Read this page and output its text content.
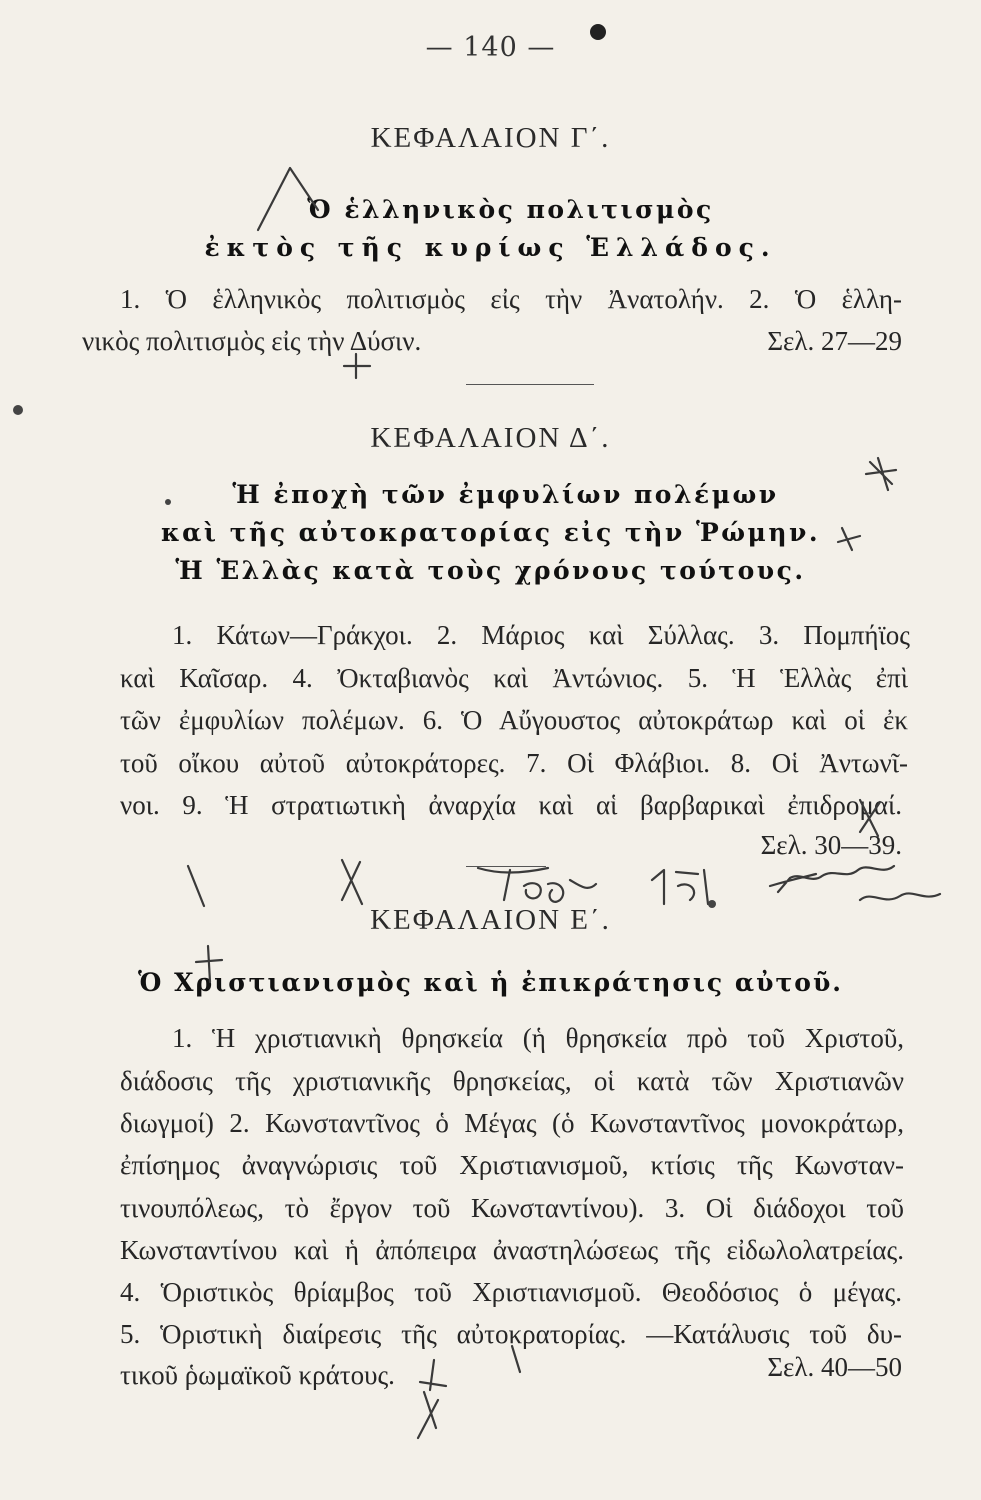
— 140 —
ΚΕΦΑΛΑΙΟΝ Γ΄.
Ὁ ἑλληνικὸς πολιτισμὸς
ἐκτὸς τῆς κυρίως Ἑλλάδος.
1. Ὁ ἑλληνικὸς πολιτισμὸς εἰς τὴν Ἀνατολήν. 2. Ὁ ἑλλη-
νικὸς πολιτισμὸς εἰς τὴν Δύσιν.	Σελ. 27—29
ΚΕΦΑΛΑΙΟΝ Δ΄.
Ἡ ἐποχὴ τῶν ἐμφυλίων πολέμων
καὶ τῆς αὐτοκρατορίας εἰς τὴν Ῥώμην.
Ἡ Ἑλλὰς κατὰ τοὺς χρόνους τούτους.
1. Κάτων—Γράκχοι. 2. Μάριος καὶ Σύλλας. 3. Πομπήϊος
καὶ Καῖσαρ. 4. Ὀκταβιανὸς καὶ Ἀντώνιος. 5. Ἡ Ἑλλὰς ἐπὶ
τῶν ἐμφυλίων πολέμων. 6. Ὁ Αὔγουστος αὐτοκράτωρ καὶ οἱ ἐκ
τοῦ οἴκου αὐτοῦ αὐτοκράτορες. 7. Οἱ Φλάβιοι. 8. Οἱ Ἀντωνῖ-
νοι. 9. Ἡ στρατιωτικὴ ἀναρχία καὶ αἱ βαρβαρικαὶ ἐπιδρομαί.
Σελ. 30—39.
ΚΕΦΑΛΑΙΟΝ Ε΄.
Ὁ Χριστιανισμὸς καὶ ἡ ἐπικράτησις αὐτοῦ.
1. Ἡ χριστιανικὴ θρησκεία (ἡ θρησκεία πρὸ τοῦ Χριστοῦ,
διάδοσις τῆς χριστιανικῆς θρησκείας, οἱ κατὰ τῶν Χριστιανῶν
διωγμοί) 2. Κωνσταντῖνος ὁ Μέγας (ὁ Κωνσταντῖνος μονοκράτωρ,
ἐπίσημος ἀναγνώρισις τοῦ Χριστιανισμοῦ, κτίσις τῆς Κωνσταν-
τινουπόλεως, τὸ ἔργον τοῦ Κωνσταντίνου). 3. Οἱ διάδοχοι τοῦ
Κωνσταντίνου καὶ ἡ ἀπόπειρα ἀναστηλώσεως τῆς εἰδωλολατρείας.
4. Ὁριστικὸς θρίαμβος τοῦ Χριστιανισμοῦ. Θεοδόσιος ὁ μέγας.
5. Ὁριστικὴ διαίρεσις τῆς αὐτοκρατορίας. —Κατάλυσις τοῦ δυ-
τικοῦ ῥωμαϊκοῦ κράτους.	Σελ. 40—50
